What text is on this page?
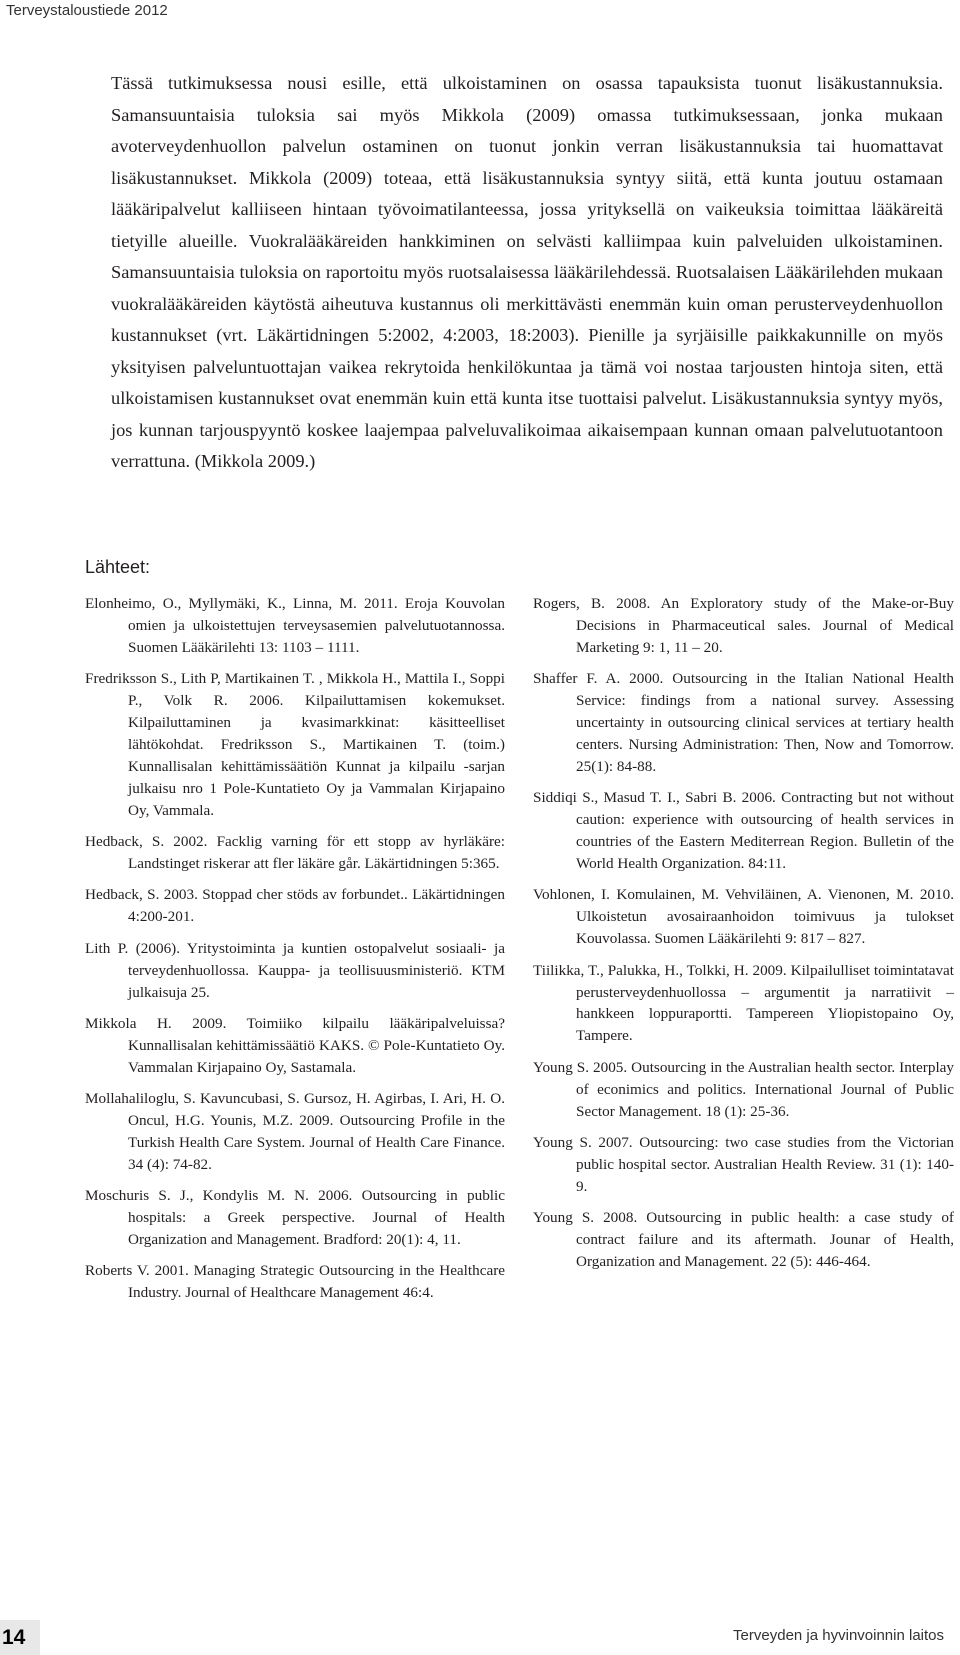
Terveystaloustiede 2012

Tässä tutkimuksessa nousi esille, että ulkoistaminen on osassa tapauksista tuonut lisäkustannuksia. Samansuuntaisia tuloksia sai myös Mikkola (2009) omassa tutkimuksessaan, jonka mukaan avoterveydenhuollon palvelun ostaminen on tuonut jonkin verran lisäkustannuksia tai huomattavat lisäkustannukset. Mikkola (2009) toteaa, että lisäkustannuksia syntyy siitä, että kunta joutuu ostamaan lääkäripalvelut kalliiseen hintaan työvoimatilanteessa, jossa yrityksellä on vaikeuksia toimittaa lääkäreitä tietyille alueille. Vuokralääkäreiden hankkiminen on selvästi kalliimpaa kuin palveluiden ulkoistaminen. Samansuuntaisia tuloksia on raportoitu myös ruotsalaisessa lääkärilehdessä. Ruotsalaisen Lääkärilehden mukaan vuokralääkäreiden käytöstä aiheutuva kustannus oli merkittävästi enemmän kuin oman perusterveydenhuollon kustannukset (vrt. Läkärtidningen 5:2002, 4:2003, 18:2003). Pienille ja syrjäisille paikkakunnille on myös yksityisen palveluntuottajan vaikea rekrytoida henkilökuntaa ja tämä voi nostaa tarjousten hintoja siten, että ulkoistamisen kustannukset ovat enemmän kuin että kunta itse tuottaisi palvelut. Lisäkustannuksia syntyy myös, jos kunnan tarjouspyyntö koskee laajempaa palveluvalikoimaa aikaisempaan kunnan omaan palvelutuotantoon verrattuna. (Mikkola 2009.)

Lähteet:

Elonheimo, O., Myllymäki, K., Linna, M. 2011. Eroja Kouvolan omien ja ulkoistettujen terveysasemien palvelutuotannossa. Suomen Lääkärilehti 13: 1103 – 1111.

Fredriksson S., Lith P, Martikainen T. , Mikkola H., Mattila I., Soppi P., Volk R. 2006. Kilpailuttamisen kokemukset. Kilpailuttaminen ja kvasimarkkinat: käsitteelliset lähtökohdat. Fredriksson S., Martikainen T. (toim.) Kunnallisalan kehittämissäätiön Kunnat ja kilpailu -sarjan julkaisu nro 1 Pole-Kuntatieto Oy ja Vammalan Kirjapaino Oy, Vammala.

Hedback, S. 2002. Facklig varning för ett stopp av hyrläkäre: Landstinget riskerar att fler läkäre går. Läkärtidningen 5:365.

Hedback, S. 2003. Stoppad cher stöds av forbundet.. Läkärtidningen 4:200-201.

Lith P. (2006). Yritystoiminta ja kuntien ostopalvelut sosiaali- ja terveydenhuollossa. Kauppa- ja teollisuusministeriö. KTM julkaisuja 25.

Mikkola H. 2009. Toimiiko kilpailu lääkäripalveluissa? Kunnallisalan kehittämissäätiö KAKS. © Pole-Kuntatieto Oy. Vammalan Kirjapaino Oy, Sastamala.

Mollahaliloglu, S. Kavuncubasi, S. Gursoz, H. Agirbas, I. Ari, H. O. Oncul, H.G. Younis, M.Z. 2009. Outsourcing Profile in the Turkish Health Care System. Journal of Health Care Finance. 34 (4): 74-82.

Moschuris S. J., Kondylis M. N. 2006. Outsourcing in public hospitals: a Greek perspective. Journal of Health Organization and Management. Bradford: 20(1): 4, 11.

Roberts V. 2001. Managing Strategic Outsourcing in the Healthcare Industry. Journal of Healthcare Management 46:4.

Rogers, B. 2008. An Exploratory study of the Make-or-Buy Decisions in Pharmaceutical sales. Journal of Medical Marketing 9: 1, 11 – 20.

Shaffer F. A. 2000. Outsourcing in the Italian National Health Service: findings from a national survey. Assessing uncertainty in outsourcing clinical services at tertiary health centers. Nursing Administration: Then, Now and Tomorrow. 25(1): 84-88.

Siddiqi S., Masud T. I., Sabri B. 2006. Contracting but not without caution: experience with outsourcing of health services in countries of the Eastern Mediterrean Region. Bulletin of the World Health Organization. 84:11.

Vohlonen, I. Komulainen, M. Vehviläinen, A. Vienonen, M. 2010. Ulkoistetun avosairaanhoidon toimivuus ja tulokset Kouvolassa. Suomen Lääkärilehti 9: 817 – 827.

Tiilikka, T., Palukka, H., Tolkki, H. 2009. Kilpailulliset toimintatavat perusterveydenhuollossa – argumentit ja narratiivit – hankkeen loppuraportti. Tampereen Yliopistopaino Oy, Tampere.

Young S. 2005. Outsourcing in the Australian health sector. Interplay of econimics and politics. International Journal of Public Sector Management. 18 (1): 25-36.

Young S. 2007. Outsourcing: two case studies from the Victorian public hospital sector. Australian Health Review. 31 (1): 140-9.

Young S. 2008. Outsourcing in public health: a case study of contract failure and its aftermath. Jounar of Health, Organization and Management. 22 (5): 446-464.

14	Terveyden ja hyvinvoinnin laitos
